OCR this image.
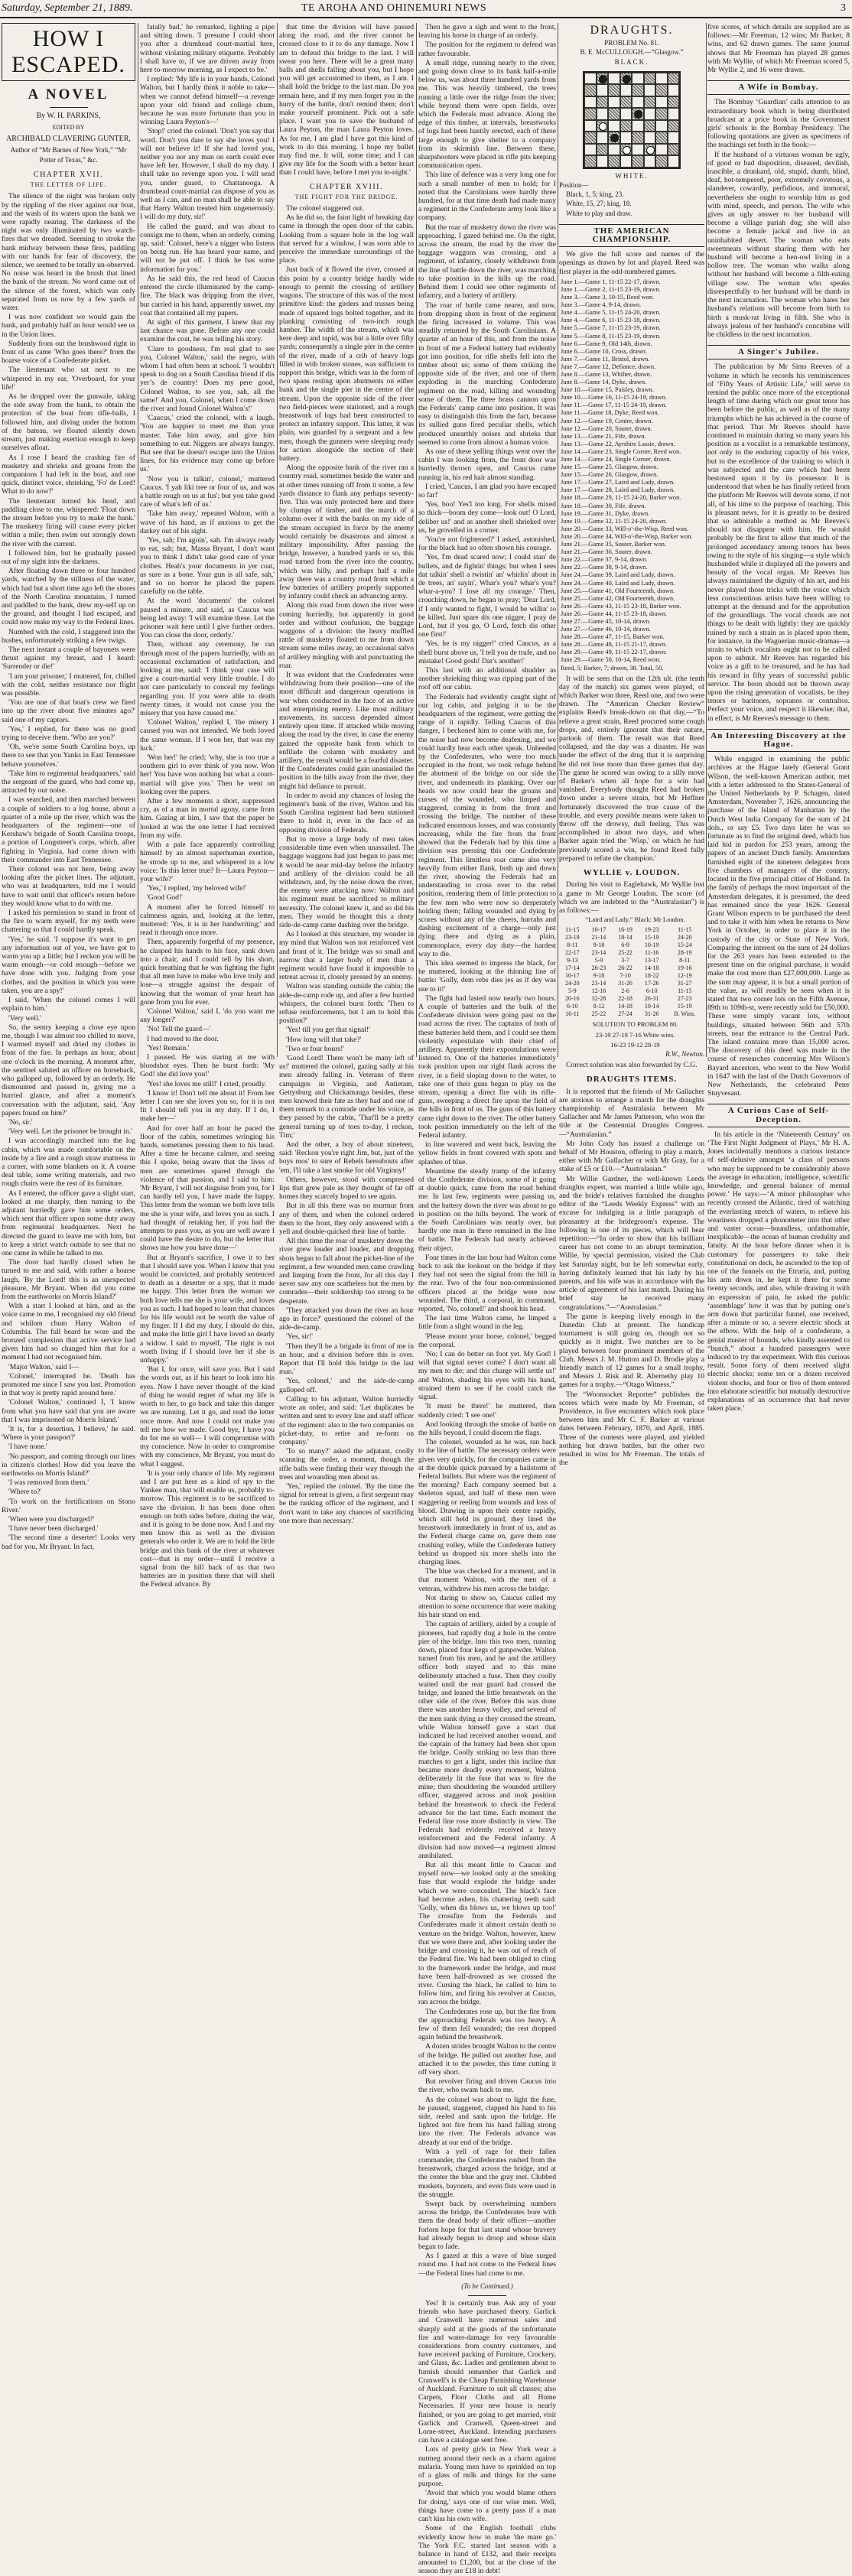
Saturday, September 21, 1889.	TE AROHA AND OHINEMURI NEWS	3
HOW I ESCAPED.
A NOVEL
By W. H. PARKINS,
EDITED BY
ARCHIBALD CLAVERING GUNTER,
Author of “Mr Barnes of New York,” “Mr Potter of Texas,” &c.
CHAPTER XVII.
THE LETTER OF LIFE.

The silence of the night was broken only by the rippling of the river against our boat, and the wash of its waters upon the bank we were rapidly nearing. The darkness of the night was only illuminated by two watch-fires that we dreaded. Seeming to stroke the bank midway between these fires, paddling with our hands for fear of discovery, the silence, we seemed to be totally un-observed. No noise was heard in the brush that lined the bank of the stream. No word came out of the silence of the forest, which was only separated from us now by a few yards of water.

I was now confident we would gain the bank, and probably half an hour would see us in the Union lines.

Suddenly from out the brushwood right in front of us came 'Who goes there?' from the hoarse voice of a Confederate picket.

The lieutenant who sat next to me whispered in my ear, 'Overboard, for your life!'

As he dropped over the gunwale, taking the side away from the bank, to obtain the protection of the boat from rifle-balls, I followed him, and diving under the bottom of the bateau, we floated silently down stream, just making exertion enough to keep ourselves afloat.

As I rose I heard the crashing fire of musketry and shrieks and groans from the companions I had left in the boat, and one quick, distinct voice, shrieking, 'Fo' de Lord! What to do now?'

The lieutenant turned his head, and paddling close to me, whispered: 'Float down the stream before you try to make the bank.' The musketry firing will cause every picket within a mile; then swim out strongly down the river with the current.

I followed him, but he gradually passed out of my sight into the darkness.

After floating down three or four hundred yards, watched by the stillness of the water, which had but a short time ago left the shores of the North Carolina mountains, I turned and paddled to the bank, drew my-self up on the ground, and thought I had escaped, and could now make my way to the Federal lines.

Numbed with the cold, I staggered into the bushes, unfortunately striking a few twigs.

The next instant a couple of bayonets were thrust against my breast, and I heard: 'Surrender or die!'

'I am your prisoner,' I muttered, for, chilled with the cold, neither resistance nor flight was possible.

'You are one of that boat's crew we fired into up the river about five minutes ago?' said one of my captors.

'Yes,' I replied, for there was no good trying to deceive them. 'Who are you?'

'Oh, we're some South Carolina boys, up there to see that you Yanks in East Tennessee behave yourselves.'

'Take him to regimental headquarters,' said the sergeant of the guard, who had come up, attracted by our noise.

I was searched, and then marched between a couple of soldiers to a log house, about a quarter of a mile up the river, which was the headquarters of the regiment—one of Kershaw's brigade of South Carolina troops, a portion of Longstreet's corps, which, after fighting in Virginia, had come down with their commander into East Tennessee.

Their colonel was not here, being away looking after the picket lines. The adjutant, who was at headquarters, told me I would have to wait until that officer's return before they would know what to do with me.

I asked his permission to stand in front of the fire to warm myself, for my teeth were chattering so that I could hardly speak.

'Yes,' he said. 'I suppose it's want to get any information out of you, we have got to warm you up a little; but I reckon you will be warm enough—or cold enough—before we have done with you. Judging from your clothes, and the position in which you were taken, you are a spy!'

I said, 'When the colonel comes I will explain to him.'

'Very well.'

So, the sentry keeping a close eye upon me, though I was almost too chilled to move, I warmed myself and dried my clothes in front of the fire. In perhaps an hour, about one o'clock in the morning. A moment after, the sentinel saluted an officer on horseback, who galloped up, followed by an orderly. He dismounted and passed in, giving me a hurried glance, and after a moment's conversation with the adjutant, said, 'Any papers found on him?'

'No, sir.'

'Very well. Let the prisoner be brought in.'

I was accordingly marched into the log cabin, which was made comfortable on the inside by a fire and a rough straw mattress in a corner, with some blankets on it. A coarse deal table, some writing materials, and two rough chairs were the rest of its furniture.

As I entered, the officer gave a slight start, looked at me sharply, then turning to the adjutant hurriedly gave him some orders, which sent that officer upon some duty away from regimental headquarters. Next he directed the guard to leave me with him, but to keep a strict watch outside to see that no one came in while he talked to me.

The door had hardly closed when he turned to me and said, with rather a hoarse laugh, 'By the Lord! this is an unexpected pleasure, Mr Bryant. When did you come from the earthworks on Morris Island?'

With a start I looked at him, and as the voice came to me, I recognised my old friend and whilom chum Harry Walton of Columbia. The full beard he wore and the bronzed complexion that active service had given him had so changed him that for a moment I had not recognised him.

'Major Walton,' said I—

'Colonel,' interrupted he. 'Death has promoted me since I saw you last. Promotion in that way is pretty rapid around here.'

'Colonel Walton,' continued I, 'I know from what you have said that you are aware that I was imprisoned on Morris Island.'

'It is, for a desertion, I believe,' he said. 'Where is your passport?'

'I have none.'

'No passport, and coming through our lines in citizen's clothes! How did you leave the earthworks on Morris Island?'

'I was removed from them.'

'Where to?'

'To work on the fortifications on Stono River.'

'When were you discharged?'

'I have never been discharged.'

'The second time a deserter! Looks very bad for you, Mr Bryant. In fact,

fatally bad,' he remarked, lighting a pipe and sitting down. 'I presume I could shoot you after a drumhead court-martial here, without violating military etiquette. Probably I shall have to, if we are driven away from here to-morrow morning, as I expect to be.'

I replied: 'My life is in your hands, Colonel Walton, but I hardly think it noble to take—when we cannot defend himself—a revenge upon your old friend and college chum, because he was more fortunate than you in winning Laura Peyton's—'

'Stop!' cried the colonel. 'Don't you say that word. Don't you dare to say she loves you! I will not believe it! If she had loved you, neither you nor any man on earth could ever have left her. However, I shall do my duty. I shall take no revenge upon you. I will send you, under guard, to Chattanooga. A drumhead court-martial can dispose of you as well as I can, and no man shall be able to say that Harry Walton treated him ungenerously. I will do my duty, sir!'

He called the guard, and was about to consign me to them, when an orderly, coming up, said: 'Colonel, here's a nigger who listens on being run. He has heard your name, and will not be put off. I think he has some information for you.'

As he said this, the red head of Caucus entered the circle illuminated by the camp-fire. The black was dripping from the river, but carried in his hand, apparently unwet, my coat that contained all my papers.

At sight of this garment, I knew that my last chance was gone. Before any one could examine the coat, he was telling his story.

'Clare to goodness, I'm real glad to see you, Colonel Walton,' said the negro, with whom I had often been at school. 'I wouldn't speak to dog on a South Carolina friend if dis yer’s de country! Does my pere good, Colonel Walton, to see you, sah, all the same!' And you, Colonel, when I come down the river and found Colonel Walton's!'

'Caucus,' cried the colonel, with a laugh. 'You are happier to meet me than your master. Take him away, and give him something to eat. Niggers are always hungry. But see that he doesn't escape into the Union lines, for his evidence may come up before us.'

'Now you is talkin', colonel,' muttered Caucus. 'I yah liki tree or four of us, and was a battle rough on us at fus'; but you take good care of what's left of us.'

'Take him away,' repeated Walton, with a wave of his hand, as if anxious to get the darkey out of his sight.

'Yes, sah; I'm agoin', sah. I'm always ready to eat, sah; but, Massa Bryant, I don't want you to think I didn't take good care of your clothes. Heah's your documents in yer coat, as sure as a bone. Your gun is all safe, sah,' and so no horror he placed the papers carefully on the table.

At the word 'documents' the colonel paused a minute, and said, as Caucus was being led away: 'I will examine these. Let the prisoner wait here until I give further orders. You can close the door, orderly.'

Then, without any ceremony, he ran through most of the papers hurriedly, with an occasional exclamation of satisfaction, and looking at me, said: 'I think your case will give a court-martial very little trouble. I do not care particularly to conceal my feelings regarding you. If you were able to death twenty times, it would not cause you the misery that you have caused me.'

'Colonel Walton,' replied I, 'the misery I caused you was not intended. We both loved the same woman. If I won her, that was my luck.'

'Won her!' he cried; 'why, she is too true a southern girl to ever think of you now. Won her! You have won nothing but what a court-martial will give you.' Then he went on looking over the papers.

After a few moments a short, suppressed cry, as of a man in mortal agony, came from him. Gazing at him, I saw that the paper he looked at was the one letter I had received from my wife.

With a pale face apparently controlling himself by an almost superhuman exertion, he strode up to me, and whispered in a low voice: 'Is this letter true? It—Laura Peyton—your wife?'

'Yes,' I replied, 'my beloved wife!'

'Good God!'

A moment after he forced himself to calmness again, and, looking at the letter, muttered: 'Yes, it is in her handwriting;' and read it through once more.

Then, apparently forgetful of my presence, he clasped his hands to his face, sank down into a chair, and I could tell by his short, quick breathing that he was fighting the fight that all men have to make who love truly and lose—a struggle against the despair of knowing that the woman of your heart has gone from you for ever.

'Colonel Walton,' said I, 'do you want me any longer?'

'No! Tell the guard—'

I had moved to the door.

'Yes! Remain.'

I paused. He was staring at me with bloodshot eyes. Then he burst forth: 'My God! she did love you!'

'Yes! she loves me still!' I cried, proudly.

'I know it! Don't tell me about it! From her letter I can see she loves you so, for it is not fit I should tell you in my duty. If I do, I make her—'

And for over half an hour he paced the floor of the cabin, sometimes wringing his hands, sometimes pressing them to his head. After a time he became calmer, and seeing this I spoke, being aware that the lives of men are sometimes spared through the violence of that passion, and I said to him: 'Mr Bryant, I will not disguise from you, for I can hardly tell you, I have made the happy. This letter from the woman we both love tells me she is your wife, and loves you as such. I had thought of retaking her, if you had the attempts to pass you, as you are well aware I could have the desire to do, but the letter that shows me how you have done—'

But at Bryant's sacrifice, I owe it to her that I should save you. When I know that you would be convicted, and probably sentenced to death as a deserter or a spy, that it made me happy. This letter from the woman we both love tells me she is your wife, and loves you as such. I had hoped to learn that chances for his life would not be worth the value of my finger. If I did my duty, I should do this, and make the little girl I have loved so dearly a widow. I said to myself, 'The right is not worth living if I should love her if she is unhappy.'

'But I, for once, will save you. But I said the words out, as if his heart to look into his eyes. Now I have never thought of the kind of thing he would regret of what my life is worth to her, to go back and take this danger we are running. Let it go, and read the letter once more. And now I could not make you tell me how we made. Good bye, I have you do for me so well— I will compromise with my conscience. Now in order to compromise with my conscience, Mr Bryant, you must do what I suggest.

'It is your only chance of life. My regiment and I are put here as a kind of spy to the Yankee man, that will enable us, probably to-morrow. This regiment is to be sacrificed to save the division. It has been done often enough on both sides before, during the war, and it is going to be done now. And I and my men know this as well as the division generals who order it. We are to hold the little bridge and this bank of the river at whatever cost—that is my order—until I receive a signal from the hill back of us that two batteries are in position there that will shell the Federal advance. By

that time the division will have passed along the road, and the river cannot be crossed close to it to do any damage. Now I am to defend this bridge to the last. I will swear you here. There will be a great many balls and shells falling about you, but I hope you will get accustomed to them, as I am. I shall hold the bridge to the last man. Do you remain here, and if my men forget you in the hurry of the battle, don't remind them; don't make yourself prominent. Pick out a safe place. I want you to save the husband of Laura Peyton, the man Laura Peyton loves. As for me, I am glad I have got this kind of work to do this morning. I hope my bullet may find me. It will, some time; and I can give my life for the South with a better heart than I could have, before I met you to-night.'

CHAPTER XVIII.
THE FIGHT FOR THE BRIDGE.

The colonel staggered out.

As he did so, the faint light of breaking day came in through the open door of the cabin. Looking from a square hole in the log wall that served for a window, I was soon able to perceive the immediate surroundings of the place.

Just back of it flowed the river, crossed at this point by a country bridge hardly wide enough to permit the crossing of artillery wagons. The structure of this was of the most primitive kind: the girders and trusses being made of squared logs bolted together, and its planking consisting of two-inch rough lumber. The width of the stream, which was here deep and rapid, was but a little over fifty yards; consequently a single pier in the centre of the river, made of a crib of heavy logs filled in with broken stones, was sufficient to support this bridge, which was in the form of two spans resting upon abutments on either bank and the single pier in the centre of the stream. Upon the opposite side of the river two field-pieces were stationed, and a rough breastwork of logs had been constructed to protect an infantry support. This latter, it was plain, was guarded by a sergeant and a few men, though the gunners were sleeping ready for action alongside the section of their battery.

Along the opposite bank of the river ran a country road, sometimes beside the water and at other times running off from it some, a few yards distance to flank any perhaps seventy-five. This was only protected here and there by clumps of timber, and the march of a column over it with the banks on my side of the stream occupied in force by the enemy would certainly be disastrous and almost a military impossibility. After passing the bridge, however, a hundred yards or so, this road turned from the river into the country, which was hilly, and perhaps half a mile away there was a country road from which a few batteries of artillery properly supported by infantry could check an advancing army.

Along this road from down the river were coming hurriedly, but apparently in good order and without confusion, the baggage waggons of a division: the heavy muffled rattle of musketry floated to me from down stream some miles away, an occasional salvo of artillery mingling with and punctuating the roar.

It was evident that the Confederates were withdrawing from their position—one of the most difficult and dangerous operations in war when conducted in the face of an active and enterprising enemy. Like most military movements, its success depended almost entirely upon time. If attacked while moving along the road by the river, in case the enemy gained the opposite bank from which to enfilade the column with musketry and artillery, the result would be a fearful disaster. If the Confederates could gain unassailed the position in the hills away from the river, they might bid defiance to pursuit.

In order to avoid any chances of losing the regiment's bank of the river, Walton and his South Carolina regiment had been stationed there to hold it, even in the face of an opposing division of Federals.

But to move a large body of men takes considerable time even when unassailed. The baggage waggons had just begun to pass me; it would be near mid-day before the infantry and artillery of the division could be all withdrawn, and, by the noise down the river, the enemy were attacking now: Walton and his regiment must be sacrificed to military necessity. The colonel knew it, and so did his men. They would be thought this a dusty side-de-camp came dashing over the bridge.

As I looked at this structure, my wonder in my mind that Walton was not reinforced vast and front of it. The bridge was so small and narrow that a larger body of men than a regiment would have found it impossible to retreat across it, closely pressed by an enemy.

Walton was standing outside the cabin; the aide-de-camp rode up, and after a few hurried whispers, the colonel burst forth: 'Then to refuse reinforcements, but I am to hold this position?'

'Yes! till you get that signal!'

'How long will that take?'

'Two or four hours!'

'Good Lord! There won't be many left of us!' muttered the colonel, gazing sadly at his men already falling in. Veterans of three campaigns in Virginia, and Antietam, Gettysburg and Chickamauga besides, these men knowed their fate as they had and one of them remark to a comrade under his voice, as they passed by the cabin, 'That'll be a pretty general turning up of toes to-day, I reckon, Tim;'

And the other, a boy of about nineteen, said: 'Reckon you're right Jim, but, just of the boys mos' to sure of Rebels hereabouts after 'em, I'll take a last smoke for old Virginny!'

Others, however, stood with compressed lips that grew pale as they thought of far off homes they scarcely hoped to see again.

But in all this there was no murmur from any of them, and when the colonel ordered them to the front, they only answered with a yell and double-quicked their line of battle.

All this time the roar of musketry down the river grew louder and louder, and dropping shots began to fall about the picket-line of the regiment, a few wounded men came crawling and limping from the front, for all this day I never saw any one scatheless but the men by comrades—their soldiership too strong to be desperate.

'They attacked you down the river an hour ago in force?' questioned the colonel of the aide-de-camp.

'Yes, sir!'

'Then they'll be a brigade in front of me in an hour, and a division before this is over. Report that I'll hold this bridge to the last man.'

'Yes, colonel,' and the aide-de-camp galloped off.

Calling to his adjutant, Walton hurriedly wrote an order, and said: 'Let duplicates be written and sent to every line and staff officer of the regiment: also to the two companies on picket-duty, to retire and re-form on company.'

'To so many?' asked the adjutant, coolly scanning the order, a moment, though the rifle balls were finding their way through the trees and wounding men about us.

'Yes,' replied the colonel. 'By the time the signal for retreat is given, a first sergeant may be the ranking officer of the regiment, and I don't want to take any chances of sacrificing one more than necessary.'

Then he gave a sigh and went to the front, leaving his horse in charge of an orderly.

The position for the regiment to defend was rather favourable.

A small ridge, running nearly to the river, and going down close to its bank half-a-mile below us, was about three hundred yards from me. This was heavily timbered, the trees running a little over the ridge from the river; while beyond them were open fields, over which the Federals must advance. Along the edge of this timber, at intervals, breastworks of logs had been hastily erected, each of these large enough to give shelter to a company from its skirmish line. Between these, sharpshooters were placed in rifle pits keeping communication open.

This line of defence was a very long one for such a small number of men to hold; for I noted that the Carolinians were hardly three hundred, for at that time death had made many a regiment in the Confederate army look like a company.

But the roar of musketry down the river was approaching. I gazed behind me. On the right, across the stream, the road by the river the baggage waggons was crossing, and a regiment, of infantry, closely withdrawn from the line of battle down the river, was marching to take position in the hills up the road. Behind them I could see other regiments of infantry, and a battery of artillery.

The roar of battle came nearer, and now, from dropping shots in front of the regiment the firing increased in volume. This was steadily returned by the South Carolinians. A quarter of an hour of this, and from the noise in front of me a Federal battery had evidently got into position, for rifle shells fell into the timber about us; some of them striking the opposite side of the river, and one of them exploding in the marching Confederate regiment on the road, killing and wounding some of them. The three brass cannon upon the Federals' camp came into position. It was easy to distinguish this from the fact, because its sullied guns fired peculiar shells, which produced unearthly noises and shrieks that seemed to come from almost a human voice.

As one of these yelling things went over the cabin I was looking from, the front door was hurriedly thrown open, and Caucus came running in, his red hair almost standing.

I cried, 'Caucus, I am glad you have escaped so far!'

'Yes, boo! Yes'l too long. For shells mixed so thick—boom dey come—look out! O Lord, deliber us!' and as another shell shrieked over us, he grovelled in a corner.

'You're not frightened?' I asked, astonished, for the black had so often shown his courage.

'Yes, I'm dead scared now; I could stan' de bullets, and de fightin' things; but when I sees dat talkin' shell a twistin' an' whirlin' about in de trees, an' sayin', Whar's you? whar's you? whar-a-you? I lose all my courage.' Then, crouching down, he began to pray; 'Dear Lord, if I only wanted to fight, I would be willin' to be killed. Just spare dis one nigger, I pray de Lord, but if you go, O Lord, fetch dis other one first!'

'Yes, he is my nigger!' cried Caucus, as a shell burst above us, 'I tell you de trufe, and no mistake! Good gosh! Dar's another!'

This last with an additional shudder as another shrieking thing was ripping part of the roof off our cabin.

The Federals had evidently caught sight of our log cabin, and judging it to be the headquarters of the regiment, were getting the range of it rapidly. Telling Caucus of this danger, I beckoned him to come with me, for the noise had now become deafening, and we could hardly hear each other speak. Unheeded by the Confederates, who were too much occupied in the front, we took refuge behind the abutment of the bridge on our side the river, and underneath its planking. Over our heads we now could hear the groans and curses of the wounded, who limped and staggered, coming in from the front and crossing the bridge. The number of these indicated enormous losses, and was constantly increasing, while the fire from the front showed that the Federals had by this time a division was pressing this one Confederate regiment. This limitless roar came also very heavily from either flank, both up and down the river, showing the Federals had an understanding to cross over to the rebel position, rendering them of little protection to the few men who were now so desperately holding them; falling wounded and dying by scores without any of the cheers, hurrahs and dashing excitement of a charge—only just dying there and dying as a plain, commonplace, every day duty—the hardest way to die.

This idea seemed to impress the black, for he muttered, looking at the thinning line of battle: 'Golly, dem rebs dies jes as if dey was use to it!'

The fight had lasted now nearly two hours. A couple of batteries and the bulk of the Confederate division were going past on the road across the river. The captains of both of these batteries held them, and I could see them violently expostulate with their chief of artillery. Apparently their expostulations were listened to. One of the batteries immediately took position upon our right flank across the river, in a field sloping down to the water, to take one of their guns began to play on the stream, opening a direct fire with its rifle-guns, sweeping a direct fire upon the field of the hills in front of us. The guns of this battery came right down to the river. The other battery took position immediately on the left of the Federal infantry.

in line wavered and went back, leaving the yellow fields in front covered with spots and splashes of blue.

Meantime the steady tramp of the infantry of the Confederate division, some of it going at double quick, came from the road behind me. In last few, regiments were passing us, and the battery down the river was about to go in position on the hills beyond. The work of the South Carolinians was nearly over, but hardly one man in three remained in the line of battle. The Federals had nearly achieved their object.

Four times in the last hour had Walton come back to ask the lookout on the bridge if they they had not seen the signal from the hill in the rear. Two of the four non-commissioned officers placed at the bridge were now wounded. The third, a corporal, in command, reported, 'No, colonel!' and shook his head.

The last time Walton came, he limped a little from a slight wound in the leg.

'Please mount your horse, colonel,' begged the corporal.

'No; I can do better on foot yet. My God! I will that signal never come? I don't want all my men to die; and this charge will settle us!' and Walton, shading his eyes with his hand, strained them to see if he could catch the signal.

'It must be there!' he muttered, then suddenly cried: 'I see one!'

And looking through the smoke of battle on the hills beyond, I could discern the flags.

The colonel, wounded as he was, ran back to the line of battle. The necessary orders were given very quickly, for the companies came in at the double quick pursued by a hailstorm of Federal bullets. But where was the regiment of the morning? Each company seemed but a skeleton squad, and half of these men were staggering or reeling from wounds and loss of blood. Drawing in upon their centre rapidly, which still held its ground, they lined the breastwork immediately in front of us, and as the Federal charge came on, gave them one crushing volley, while the Confederate battery behind us dropped six more shells into the charging lines.

The blue was checked for a moment, and in that moment Walton, with the men of a veteran, withdrew his men across the bridge.

Not daring to show so, Caucus called my attention to some occurrence that were making his hair stand on end.

The captain of artillery, aided by a couple of pioneers, had rapidly dug a hole in the centre pier of the bridge. Into this two men, running down, placed four kegs of gunpowder. Walton turned from his men, and he and the artillery officer both stayed and to this mine deliberately attached a fuse. Then they coolly waited until the rear guard had crossed the bridge, and leaned the little breastwork on the other side of the river. Before this was done there was another heavy volley, and several of the men sank dying as they crossed the stream, while Walton himself gave a start that indicated he had received another wound, and the captain of the battery had been shot upon the bridge. Coolly striking no less than three matches to get a light, under this incline that became more deadly every moment, Walton deliberately lit the fuse that was to fire the mine; then shouldering the wounded artillery officer, staggered across and took position behind the breastwork to check the Federal advance for the last time. Each moment the Federal line rose more distinctly in view. The Federals had evidently received a heavy reinforcement and the Federal infantry. A division had now moved—a regiment almost annihilated.

But all this meant little to Caucus and myself now—we looked only at the smoking fuse that would explode the bridge under which we were concealed. The black's face had become ashen, his chattering teeth said: 'Golly, when dis blows us, we blows up too!' The crossfire from the Federals and Confederates made it almost certain death to venture on the bridge. Walton, however, knew that we were there and, after looking under the bridge and crossing it, he was out of reach of the Federal fire. We had been obliged to cling to the framework under the bridge, and must have been half-drowned as we crossed the river. Cursing the black, he called to him to follow him, and firing his revolver at Caucus, ran across the bridge.

The Confederates rose up, but the fire from the approaching Federals was too heavy. A few of them fell wounded; the rest dropped again behind the breastwork.

A dozen strides brought Walton to the centre of the bridge. He pulled out another fuse, and attached it to the powder, this time cutting it off very short.

But revolver firing and driven Caucus into the river, who swam back to me.

As the colonel was about to light the fuse, he paused, staggered, clapped his hand to his side, reeled and sank upon the bridge. He lighted not fire from his hand falling strong into the river. The Federals advance was already at our end of the bridge.

With a yell of rage for their fallen commander, the Confederates rushed from the breastwork, charged across the bridge, and at the center the blue and the gray met. Clubbed muskets, bayonets, and even fists were used in the struggle.

Swept back by overwhelming numbers across the bridge, the Confederates bore with them the dead body of their officer—another forlorn hope for that last stand whose bravery had already begun to droop and whose slain began to fade.

As I gazed at this a wave of blue surged round me. I had not come to the Federal lines—the Federal lines had come to me.

(To be Continued.)

Yes! It is certainly true. Ask any of your friends who have purchased theory. Garlick and Cranwell have numerous sales and sharply sold at the goods of the unfortunate fire and water-damage for very favourable considerations from country customers, and have received packing of Furniture, Crockery, and Glass, &c. Ladies and gentlemen about to furnish should remember that Garlick and Cranwell's is the Cheap Furnishing Warehouse of Auckland. Furniture to suit all classes; also Carpets, Floor Cloths and all Home Necessaries. If your new house is nearly finished, or you are going to get married, visit Garlick and Cranwell, Queen-street and Lorne-street, Auckland. Intending purchasers can have a catalogue sent free.

Lots of pretty girls in New York wear a nutmeg around their neck as a charm against malaria. Young men have to sprinkled on top of a glass of milk and things for the same purpose.

'Avoid that which you would blame others for doing,' says one of our wise men. Well, things have come to a pretty pass if a man can't kiss his own wife.

Some of the English football clubs evidently know how to make 'the mare go.' The York F.C. started last season with a balance in hand of £132, and their receipts amounted to £1,200, but at the close of the season they are £18 in debt!

DRAUGHTS.
PROBLEM No. 81.
B. E. McCULLOUGH.—“Glasgow.”
BLACK.
WHITE.

Position—

Black, 1, 5; king, 23.

White, 15, 27; king, 18.

White to play and draw.

THE AMERICAN CHAMPIONSHIP.

We give the full score and names of the openings as drawn by lot and played. Reed was first player in the odd-numbered games.

June 1.—Game 1, 11-15 22-17, drawn.
June 1.—Game 2, 11-15 23-19, drawn.
June 3.—Game 3, 10-15, Reed won.
June 3.—Game 4, 9-14, drawn.
June 4.—Game 5, 11-15 24-20, drawn.
June 4.—Game 6, 11-15 23-18, drawn.
June 5.—Game 7, 11-15 23-19, drawn.
June 5.—Game 8, 11-15 23-19, drawn.
June 6.—Game 9, Old 14th, drawn.
June 6.—Game 10, Cross, drawn.
June 7.—Game 11, Bristol, drawn.
June 7.—Game 12, Defiance, drawn.
June 8.—Game 13, Whilter, drawn.
June 8.—Game 14, Dyke, drawn.
June 10.—Game 15, Paisley, drawn.
June 10.—Game 16, 11-15 24-19, drawn.
June 11.—Game 17, 11-15 24-19, drawn.
June 11.—Game 18, Dyke, Reed won.
June 12.—Game 19, Centre, drawn.
June 12.—Game 20, Souter, drawn.
June 13.—Game 21, Fife, drawn.
June 13.—Game 22, Ayrshire Lassie, drawn.
June 14.—Game 23, Single Corner, Reed won.
June 14.—Game 24, Single Corner, drawn.
June 15.—Game 25, Glasgow, drawn.
June 15.—Game 26, Glasgow, drawn.
June 17.—Game 27, Laird and Lady, drawn.
June 17.—Game 28, Laird and Lady, drawn.
June 18.—Game 29, 11-15 24-20, Barker won.
June 18.—Game 30, Fife, drawn.
June 19.—Game 31, Dyke, drawn.
June 19.—Game 32, 11-15 24-20, drawn.
June 20.—Game 33, Will-o'-the-Wisp, Reed won.
June 20.—Game 34, Will-o'-the-Wisp, Barker won.
June 21.—Game 35, Souter, Barker won.
June 21.—Game 36, Souter, drawn.
June 22.—Game 37, 9-14, drawn.
June 22.—Game 38, 9-14, drawn.
June 24.—Game 39, Laird and Lady, drawn.
June 24.—Game 40, Laird and Lady, drawn.
June 25.—Game 41, Old Fourteenth, drawn.
June 25.—Game 42, Old Fourteenth, drawn.
June 26.—Game 43, 11-15 23-18, Barker won.
June 26.—Game 44, 11-15 23-18, drawn.
June 27.—Game 45, 10-14, drawn.
June 27.—Game 46, 10-14, drawn.
June 28.—Game 47, 11-15, Barker won.
June 28.—Game 48, 11-15 21-17, drawn.
June 29.—Game 49, 11-15 22-17, drawn.
June 29.—Game 50, 10-14, Reed won.
Reed, 5; Barker, 7; drawn, 38. Total, 50.

It will be seen that on the 12th ult. (the tenth day of the match) six games were played, of which Barker won three, Reed one, and two were drawn. The “American Checker Review” explains Reed's break-down on that day,—“To relieve a great strain, Reed procured some cough drops, and, entirely ignorant that their nature, partook of them. The result was that Reed collapsed, and the day was a disaster. He was under the effect of the drug that it is surprising he did not lose more than three games that day. The game he scored was owing to a silly move of Barker's when all hope for a win had vanished. Everybody thought Reed had broken down under a severe strain, but Mr Heffner fortunately discovered the true cause of the trouble, and every possible means were taken to throw off the drowsy, dull feeling. This was accomplished in about two days, and when Barker again tried the 'Wisp,' on which he had previously scored a win, he found Reed fully prepared to refute the champion.'

WYLLIE v. LOUDON.

During his visit to Eaglehawk, Mr Wyllie lost a game to Mr George Loudon. The score (of which we are indebted to the “Australasian”) is as follows:—

“Laird and Lady.” Black: Mr Loudon.

11-15	10-17	16-19	19-23	11-15
23-19	21-14	18-14	15-19	24-20
8-11	9-18	6-9	10-19	15-24
22-17	23-14	25-22	11-16	28-19
9-13	5-9	3-7	13-17	8-11
17-14	26-23	26-22	14-18	19-16
10-17	9-18	7-10	18-22	12-19
24-20	23-14	31-26	17-26	31-27
5-9	12-16	2-6	6-10	11-15
20-16	32-28	22-18	26-31	27-23
6-10	8-12	14-18	10-14	15-19
16-11	25-22	27-24	31-26	B. Wins.

SOLUTION TO PROBLEM 80.

23-19 27-18 7-16 White wins.

16-23 19-12 28-19

R.W., Newton.

Correct solution was also forwarded by C.G.

DRAUGHTS ITEMS.

It is reported that the friends of Mr Gallacher are anxious to arrange a match for the draughts championship of Australasia between Mr Gallacher and Mr James Patterson, who won the title at the Centennial Draughts Congress.—“Australasian.”

Mr John Cody has issued a challenge on behalf of Mr Houston, offering to play a match, either with Mr Gallacher or with Mr Gray, for a stake of £5 or £10.—“Australasian.”

Mr Willie Gardner, the well-known Leeds draughts expert, was married a little while ago, and the bride's relatives furnished the draughts editor of the “Leeds Weekly Express” with an excuse for indulging in a little paragraph of pleasantry at the bridegroom's expense. The following is one of its pieces, which will bear repetition:—“In order to show that his brilliant career has not come to an abrupt termination, Willie, by special permission, visited the Club last Saturday night, but he left somewhat early, having definitely learned that his lady by his parents, and his wife was in accordance with the article of agreement of his last match. During his brief stay he received many congratulations.”—“Australasian.”

The game is keeping lively enough in the Dunedin Club at present. The handicap tournament is still going on, though not so quickly as it might. Two matches are to be played between four prominent members of the Club, Messrs J. M. Hutton and D. Brodie play a friendly match of 12 games for a small trophy, and Messrs J. Risk and R. Abernethy play 10 games for a trophy.—“Otago Witness.”

The “Woonsocket Reporter” publishes the scores which were made by Mr Freeman, of Providence, in five encounters which took place between him and Mr C. F. Barker at various dates between February, 1870, and April, 1885. Three of the contests were played, and yielded nothing but drawn battles, but the other two resulted in wins for Mr Freeman. The totals of the

five scores, of which details are supplied are as follows:—Mr Freeman, 12 wins; Mr Barker, 8 wins, and 62 drawn games. The same journal shows that Mr Freeman has played 28 games with Mr Wyllie, of which Mr Freeman scored 5, Mr Wyllie 2, and 16 were drawn.

A Wife in Bombay.

The Bombay ‘Guardian’ calls attention to an extraordinary book which is being distributed broadcast at a price book in the Government girls' schools in the Bombay Presidency. The following quotations are given as specimens of the teachings set forth in the book:—

If the husband of a virtuous woman be ugly, of good or bad disposition, diseased, devilish, irascible, a drunkard, old, stupid, dumb, blind, deaf, hot-tempered, poor, extremely covetous, a slanderer, cowardly, perfidious, and immoral, nevertheless she ought to worship him as god with mind, speech, and person. The wife who gives an ugly answer to her husband will become a village pariah dog; she will also become a female jackal and live in an uninhabited desert. The woman who eats sweetmeats without sharing them with her husband will become a hen-owl living in a hollow tree. The woman who walks along without her husband will become a filth-eating village sow. The woman who speaks disrespectfully to her husband will be dumb in the next incarnation. The woman who hates her husband's relations will become from birth to birth a musk-rat living in filth. She who is always jealous of her husband's concubine will be childless in the next incarnation.

A Singer's Jubilee.

The publication by Mr Sims Reeves of a volume in which he records his reminiscences of ‘Fifty Years of Artistic Life,’ will serve to remind the public once more of the exceptional length of time during which our great tenor has been before the public, as well as of the many triumphs which he has achieved in the course of that period. That Mr Reeves should have continued to maintain during so many years his position as a vocalist is a remarkable testimony, not only to the enduring capacity of his voice, but to the excellence of the training to which it was subjected and the care which had been bestowed upon it by its possessor. It is understood that when he has finally retired from the platform Mr Reeves will devote some, if not all, of his time to the purpose of teaching. This is pleasant news, for it is greatly to be desired that so admirable a method as Mr Reeves's should not disappear with him. He would probably be the first to allow that much of the prolonged ascendancy among tenors has been owing to the style of his singing—a style which husbanded while it displayed all the powers and beauty of the vocal organ. Mr Reeves has always maintained the dignity of his art, and his never played those tricks with the voice which less conscientious artists have been willing to attempt at the demand and for the approbation of the groundlings. The vocal chords are not things to be dealt with lightly: they are quickly ruined by such a strain as is placed upon them, for instance, in the Wagnerian music-dramas—a strain to which vocalists ought not to be called upon to submit. Mr Reeves has regarded his voice as a gift to be treasured, and he has had his reward in fifty years of successful public service. The boon should not be thrown away upon the rising generation of vocalists, be they tenors or baritones, sopranos or contraltos. Perfect your voice, and respect it likewise; that, in effect, is Mr Reeves's message to them.

An Interesting Discovery at the Hague.

While engaged in examining the public archives at the Hague lately (General Grant Wilson, the well-known American author, met with a letter addressed to the States-General of the United Netherlands by P. Schagen, dated Amsterdam, November 7, 1626, announcing the purchase of the Island of Manhattan by the Dutch West India Company for the sum of 24 dols., or say £5. Two days later he was so fortunate as to find the original deed, which has laid hid in pardon for 253 years, among the papers of an ancient Dutch family. Amsterdam furnished eight of the nineteen delegates from five chambers of managers of the country, located in the five principal cities of Holland. In the family of perhaps the most important of the Amsterdam delegates, it is presumed, the deed has remained since the year 1626. General Grant Wilson expects to be purchased the deed and to take it with him when he returns to New York in October, in order to place it in the custody of the city or State of New York. Comparing the interest on the sum of 24 dollars for the 263 years has been extended to the present time on the original purchase, it would make the cost more than £27,000,000. Large as the sum may appear, it is but a small portion of the value, as will readily be seen when it is stated that two corner lots on the Fifth Avenue, 89th to 109th-st, were recently sold for £50,000. These were simply vacant lots, without buildings, situated between 56th and 57th streets, near the entrance to the Central Park. The island contains more than 15,000 acres. The discovery of this deed was made in the course of researches concerning Mrs Wilson's Bayard ancestors, who went to the New World in 1647 with the last of the Dutch Governors of New Netherlands, the celebrated Peter Stuyvesant.

A Curious Case of Self-Deception.

In his article in the ‘Nineteenth Century’ on ‘The First Night Judgment of Plays,’ Mr H. A. Jones incidentally mentions a curious instance of self-delusive amongst ‘a class of persons who may be supposed to be considerably above the average in education, intelligence, scientific knowledge, and general balance of mental power.’ He says:—‘A minor philosopher who recently crossed the Atlantic, tired of watching the everlasting stretch of waters, to relieve his weariness dropped a phonometer into that other and vaster ocean—boundless, unfathomable, inexplicable—the ocean of human credulity and fatuity. At the hour before dinner when it is customary for passengers to take their constitutional on deck, he ascended to the top of one of the funnels on the Etruria, and, putting his arm down in, he kept it there for some twenty seconds, and also, while drawing it with an expression of pain, he asked the public ‘assemblage’ how it was that by putting one's arm down that particular funnel, one received, after a minute or so, a severe electric shock at the elbow. With the help of a confederate, a genial master of hounds, who kindly assented to “bunch,” about a hundred passengers were induced to try the experiment. With this curious result. Some forty of them received slight electric shocks; some ten or a dozen received violent shocks, and four or five of them entered into elaborate scientific but mutually destructive explanations of an occurrence that had never taken place.’
